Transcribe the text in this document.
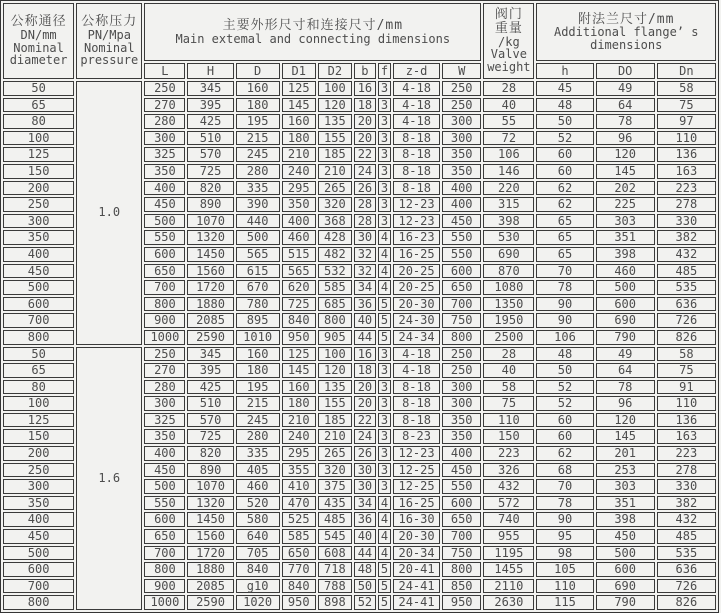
公称通径
DN/mm
Nominal
diameter	公称压力
PN/Mpa
Nominal
pressure	主要外形尺寸和连接尺寸/mm
Main extemal and connecting dimensions									阀门
重量
/kg
Valve
weight	附法兰尺寸/mm
Additional flange’ s
dimensions		

		L	H	D	D1	D2	b	f	z-d	W		h	DO	Dn
50	1.0	250	345	160	125	100	16	3	4-18	250	28	45	49	58
65		270	395	180	145	120	18	3	4-18	250	40	48	64	75
80		280	425	195	160	135	20	3	4-18	300	55	50	78	97
100		300	510	215	180	155	20	3	8-18	300	72	52	96	110
125		325	570	245	210	185	22	3	8-18	350	106	60	120	136
150		350	725	280	240	210	24	3	8-18	350	146	60	145	163
200		400	820	335	295	265	26	3	8-18	400	220	62	202	223
250		450	890	390	350	320	28	3	12-23	400	315	62	225	278
300		500	1070	440	400	368	28	3	12-23	450	398	65	303	330
350		550	1320	500	460	428	30	4	16-23	550	530	65	351	382
400		600	1450	565	515	482	32	4	16-25	550	690	65	398	432
450		650	1560	615	565	532	32	4	20-25	600	870	70	460	485
500		700	1720	670	620	585	34	4	20-25	650	1080	78	500	535
600		800	1880	780	725	685	36	5	20-30	700	1350	90	600	636
700		900	2085	895	840	800	40	5	24-30	750	1950	90	690	726
800		1000	2590	1010	950	905	44	5	24-34	800	2500	106	790	826
50	1.6	250	345	160	125	100	16	3	4-18	250	28	48	49	58
65		270	395	180	145	120	18	3	4-18	250	40	50	64	75
80		280	425	195	160	135	20	3	8-18	300	58	52	78	91
100		300	510	215	180	155	20	3	8-18	300	75	52	96	110
125		325	570	245	210	185	22	3	8-18	350	110	60	120	136
150		350	725	280	240	210	24	3	8-23	350	150	60	145	163
200		400	820	335	295	265	26	3	12-23	400	223	62	201	223
250		450	890	405	355	320	30	3	12-25	450	326	68	253	278
300		500	1070	460	410	375	30	3	12-25	550	432	70	303	330
350		550	1320	520	470	435	34	4	16-25	600	572	78	351	382
400		600	1450	580	525	485	36	4	16-30	650	740	90	398	432
450		650	1560	640	585	545	40	4	20-30	700	955	95	450	485
500		700	1720	705	650	608	44	4	20-34	750	1195	98	500	535
600		800	1880	840	770	718	48	5	20-41	800	1455	105	600	636
700		900	2085	g10	840	788	50	5	24-41	850	2110	110	690	726
800		1000	2590	1020	950	898	52	5	24-41	950	2630	115	790	826
